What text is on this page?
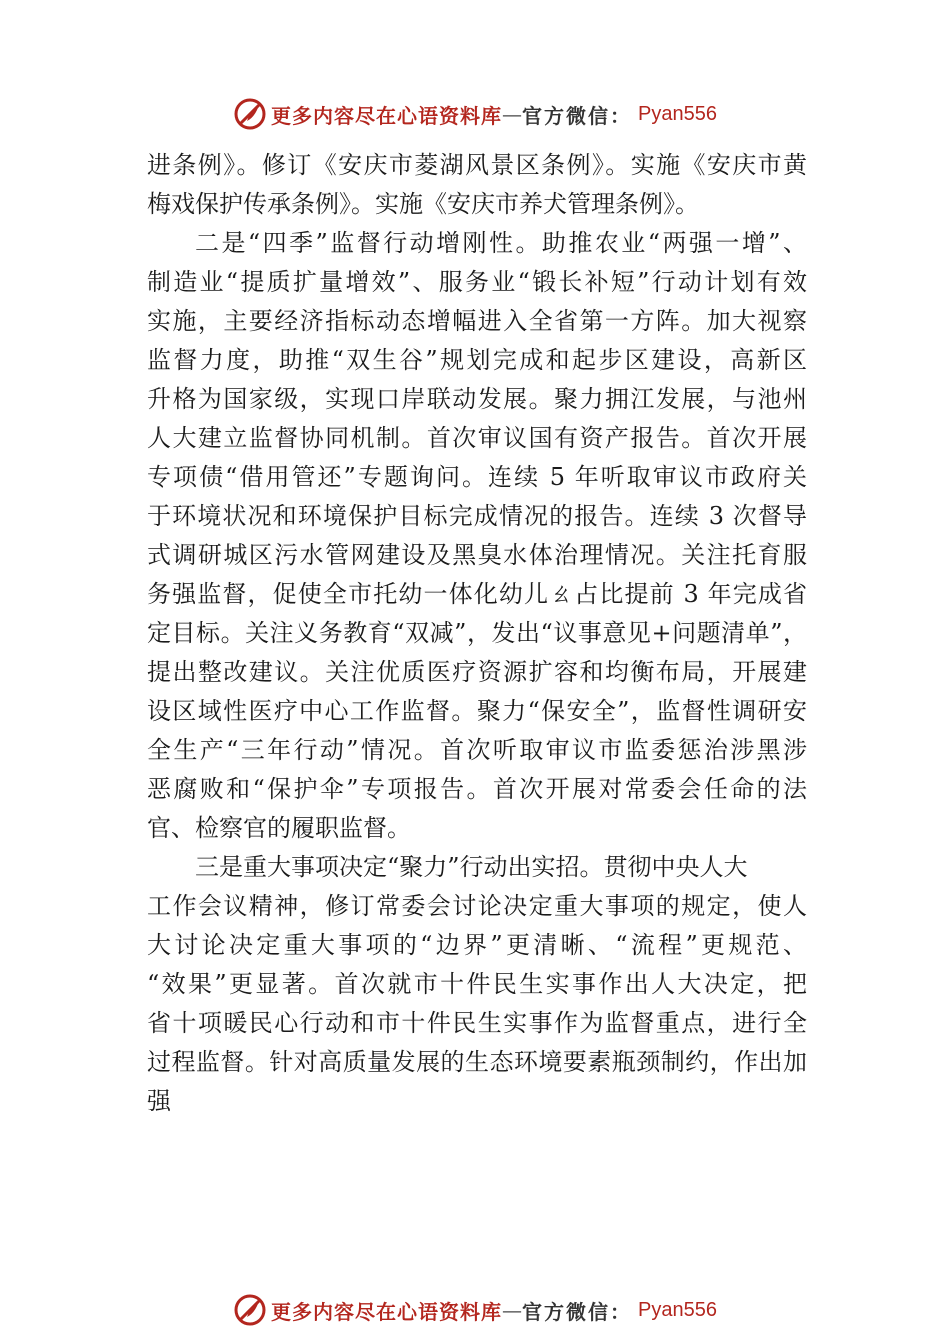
更多内容尽在心语资料库 — 官方微信： Pyan556
进条例》。修订《安庆市菱湖风景区条例》。实施《安庆市黄
梅戏保护传承条例》。实施《安庆市养犬管理条例》。
二是“四季”监督行动增刚性。助推农业“两强一增”、
制造业“提质扩量增效”、服务业“锻长补短”行动计划有效
实施，主要经济指标动态增幅进入全省第一方阵。加大视察
监督力度，助推“双生谷”规划完成和起步区建设，高新区
升格为国家级，实现口岸联动发展。聚力拥江发展，与池州
人大建立监督协同机制。首次审议国有资产报告。首次开展
专项债“借用管还”专题询问。连续 5 年听取审议市政府关
于环境状况和环境保护目标完成情况的报告。连续 3 次督导
式调研城区污水管网建设及黑臭水体治理情况。关注托育服
务强监督，促使全市托幼一体化幼儿ㄠ占比提前 3 年完成省
定目标。关注义务教育“双减”，发出“议事意见+问题清单”，
提出整改建议。关注优质医疗资源扩容和均衡布局，开展建
设区域性医疗中心工作监督。聚力“保安全”，监督性调研安
全生产“三年行动”情况。首次听取审议市监委惩治涉黑涉
恶腐败和“保护伞”专项报告。首次开展对常委会任命的法
官、检察官的履职监督。
三是重大事项决定“聚力”行动出实招。贯彻中央人大
工作会议精神，修订常委会讨论决定重大事项的规定，使人
大讨论决定重大事项的“边界”更清晰、“流程”更规范、
“效果”更显著。首次就市十件民生实事作出人大决定，把
省十项暖民心行动和市十件民生实事作为监督重点，进行全
过程监督。针对高质量发展的生态环境要素瓶颈制约，作出加
强
更多内容尽在心语资料库 — 官方微信： Pyan556
